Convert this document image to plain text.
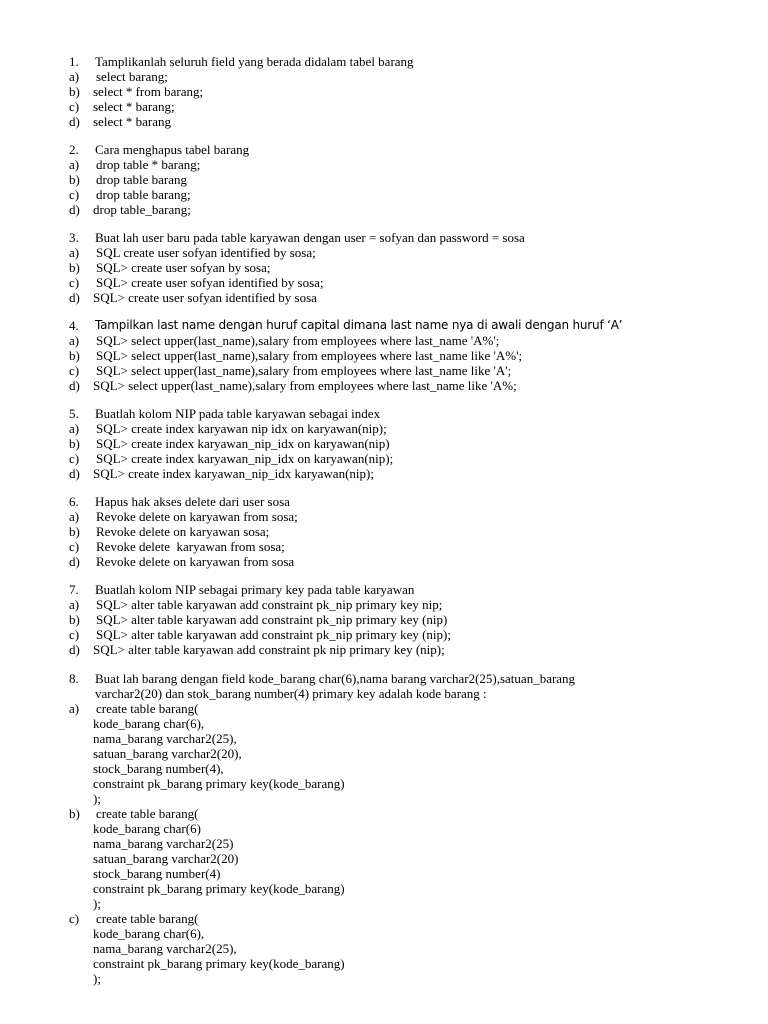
1. Tamplikanlah seluruh field yang berada didalam tabel barang
a) select barang;
b) select * from barang;
c) select * barang;
d) select * barang
2. Cara menghapus tabel barang
a) drop table * barang;
b) drop table barang
c) drop table barang;
d) drop table_barang;
3. Buat lah user baru pada table karyawan dengan user = sofyan dan password = sosa
a) SQL create user sofyan identified by sosa;
b) SQL> create user sofyan by sosa;
c) SQL> create user sofyan identified by sosa;
d) SQL> create user sofyan identified by sosa
4. Tampilkan last name dengan huruf capital dimana last name nya di awali dengan huruf ‘A’
a) SQL> select upper(last_name),salary from employees where last_name 'A%';
b) SQL> select upper(last_name),salary from employees where last_name like 'A%';
c) SQL> select upper(last_name),salary from employees where last_name like 'A';
d) SQL> select upper(last_name),salary from employees where last_name like 'A%;
5. Buatlah kolom NIP pada table karyawan sebagai index
a) SQL> create index karyawan nip idx on karyawan(nip);
b) SQL> create index karyawan_nip_idx on karyawan(nip)
c) SQL> create index karyawan_nip_idx on karyawan(nip);
d) SQL> create index karyawan_nip_idx karyawan(nip);
6. Hapus hak akses delete dari user sosa
a) Revoke delete on karyawan from sosa;
b) Revoke delete on karyawan sosa;
c) Revoke delete  karyawan from sosa;
d) Revoke delete on karyawan from sosa
7. Buatlah kolom NIP sebagai primary key pada table karyawan
a) SQL> alter table karyawan add constraint pk_nip primary key nip;
b) SQL> alter table karyawan add constraint pk_nip primary key (nip)
c) SQL> alter table karyawan add constraint pk_nip primary key (nip);
d) SQL> alter table karyawan add constraint pk nip primary key (nip);
8. Buat lah barang dengan field kode_barang char(6),nama barang varchar2(25),satuan_barang
varchar2(20) dan stok_barang number(4) primary key adalah kode barang :
a) create table barang(
kode_barang char(6),
nama_barang varchar2(25),
satuan_barang varchar2(20),
stock_barang number(4),
constraint pk_barang primary key(kode_barang)
);
b) create table barang(
kode_barang char(6)
nama_barang varchar2(25)
satuan_barang varchar2(20)
stock_barang number(4)
constraint pk_barang primary key(kode_barang)
);
c) create table barang(
kode_barang char(6),
nama_barang varchar2(25),
constraint pk_barang primary key(kode_barang)
);
